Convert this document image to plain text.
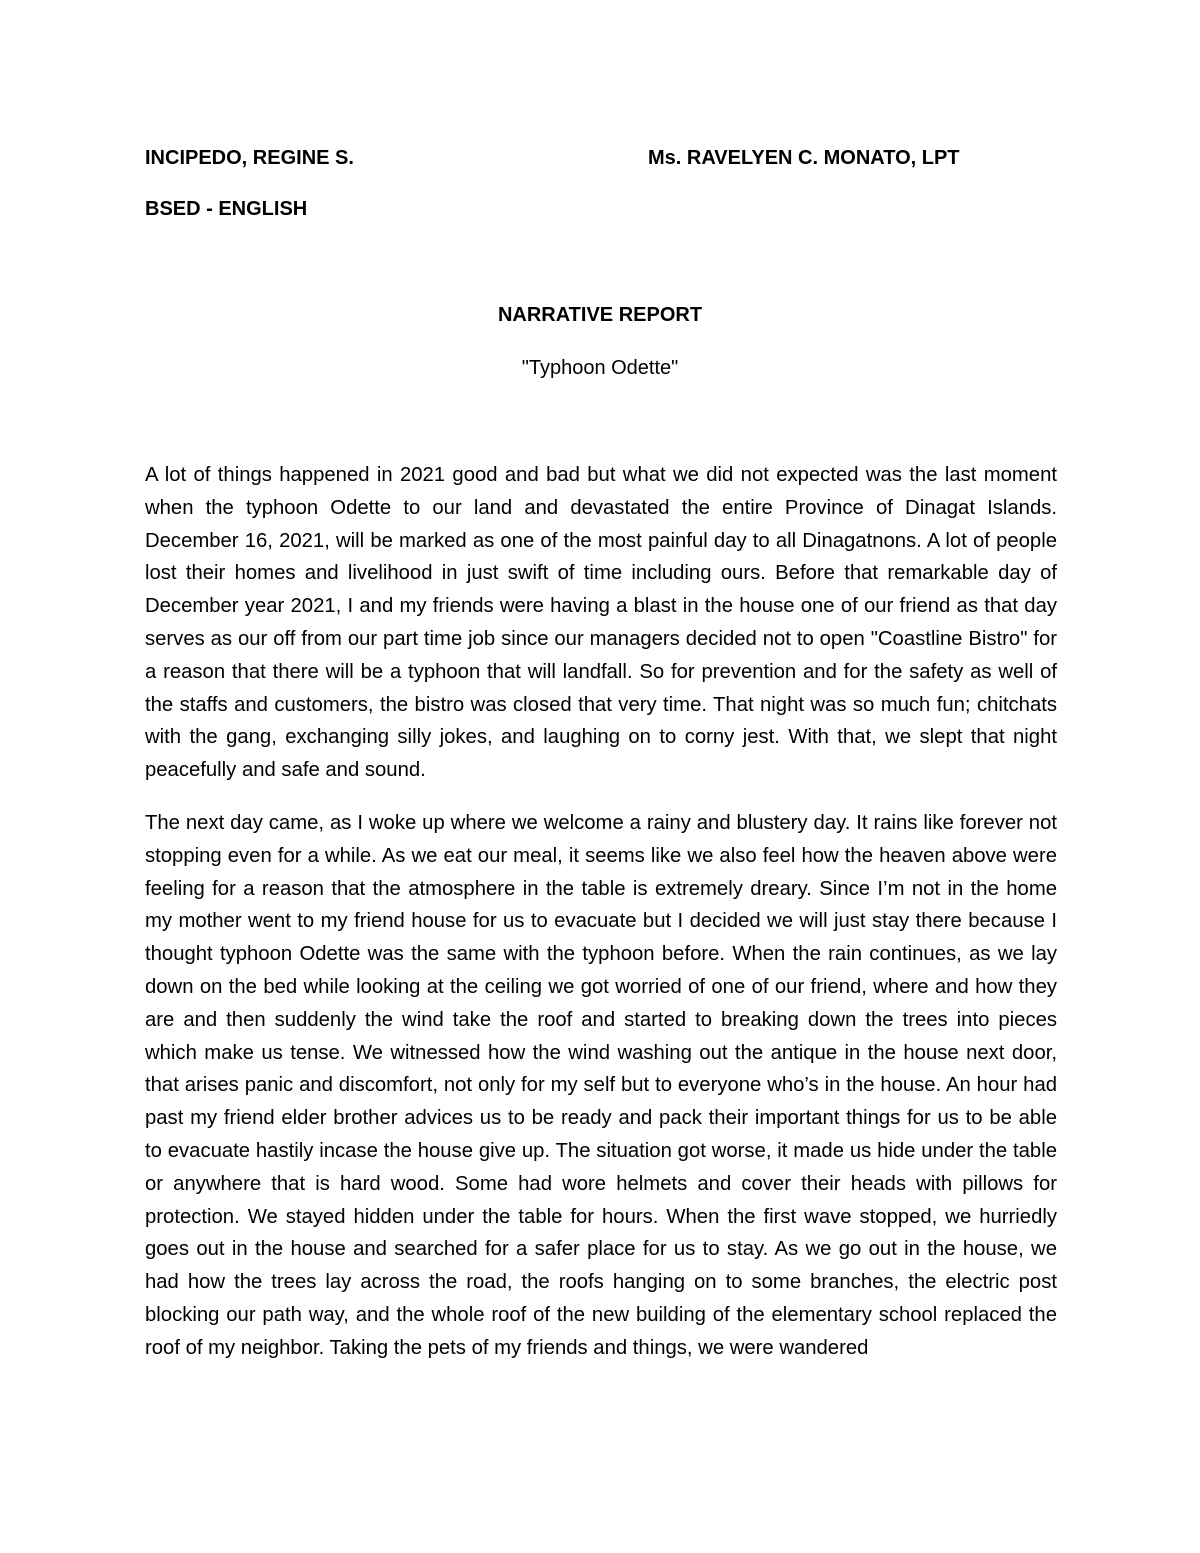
INCIPEDO, REGINE S.	Ms. RAVELYEN C. MONATO, LPT
BSED - ENGLISH
NARRATIVE REPORT
"Typhoon Odette"

A lot of things happened in 2021 good and bad but what we did not expected was the last moment when the typhoon Odette to our land and devastated the entire Province of Dinagat Islands. December 16, 2021, will be marked as one of the most painful day to all Dinagatnons. A lot of people lost their homes and livelihood in just swift of time including ours. Before that remarkable day of December year 2021, I and my friends were having a blast in the house one of our friend as that day serves as our off from our part time job since our managers decided not to open "Coastline Bistro" for a reason that there will be a typhoon that will landfall. So for prevention and for the safety as well of the staffs and customers, the bistro was closed that very time. That night was so much fun; chitchats with the gang, exchanging silly jokes, and laughing on to corny jest. With that, we slept that night peacefully and safe and sound.

The next day came, as I woke up where we welcome a rainy and blustery day. It rains like forever not stopping even for a while. As we eat our meal, it seems like we also feel how the heaven above were feeling for a reason that the atmosphere in the table is extremely dreary. Since I’m not in the home my mother went to my friend house for us to evacuate but I decided we will just stay there because I thought typhoon Odette was the same with the typhoon before. When the rain continues, as we lay down on the bed while looking at the ceiling we got worried of one of our friend, where and how they are and then suddenly the wind take the roof and started to breaking down the trees into pieces which make us tense. We witnessed how the wind washing out the antique in the house next door, that arises panic and discomfort, not only for my self but to everyone who’s in the house. An hour had past my friend elder brother advices us to be ready and pack their important things for us to be able to evacuate hastily incase the house give up. The situation got worse, it made us hide under the table or anywhere that is hard wood. Some had wore helmets and cover their heads with pillows for protection. We stayed hidden under the table for hours. When the first wave stopped, we hurriedly goes out in the house and searched for a safer place for us to stay. As we go out in the house, we had how the trees lay across the road, the roofs hanging on to some branches, the electric post blocking our path way, and the whole roof of the new building of the elementary school replaced the roof of my neighbor. Taking the pets of my friends and things, we were wandered
